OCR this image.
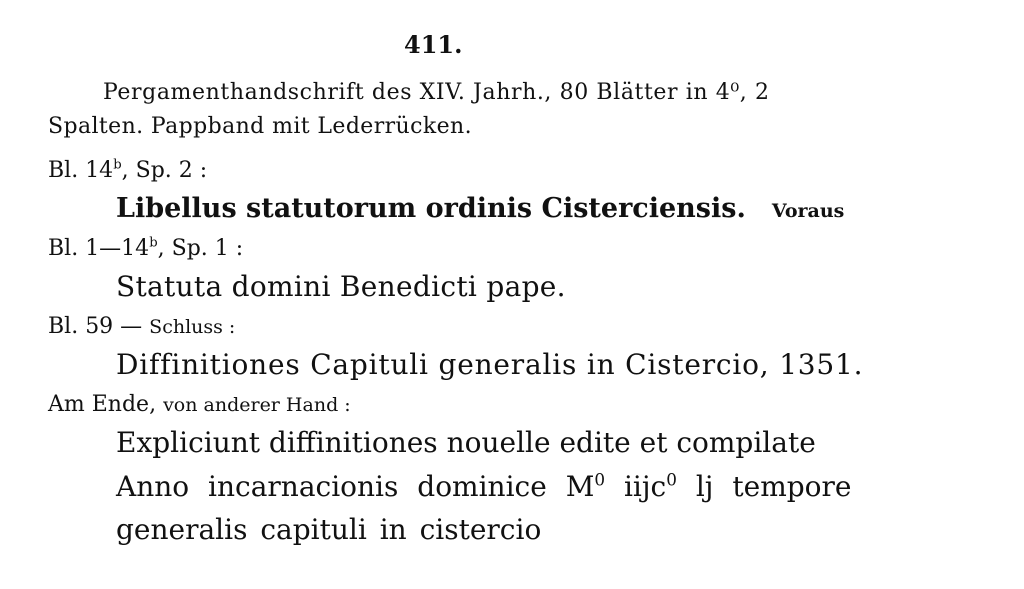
411.
Pergamenthandschrift des XIV. Jahrh., 80 Blätter in 4⁰, 2
Spalten. Pappband mit Lederrücken.
Bl. 14$^b$, Sp. 2 :
Libellus statutorum ordinis Cisterciensis. Voraus
Bl. 1—14$^b$, Sp. 1 :
Statuta domini Benedicti pape.
Bl. 59 — Schluss :
Diffinitiones Capituli generalis in Cistercio, 1351.
Am Ende, von anderer Hand :
Expliciunt diffinitiones nouelle edite et compilate
Anno incarnacionis dominice $M^0$ iijc$^0$ lj tempore
generalis capituli in cistercio
